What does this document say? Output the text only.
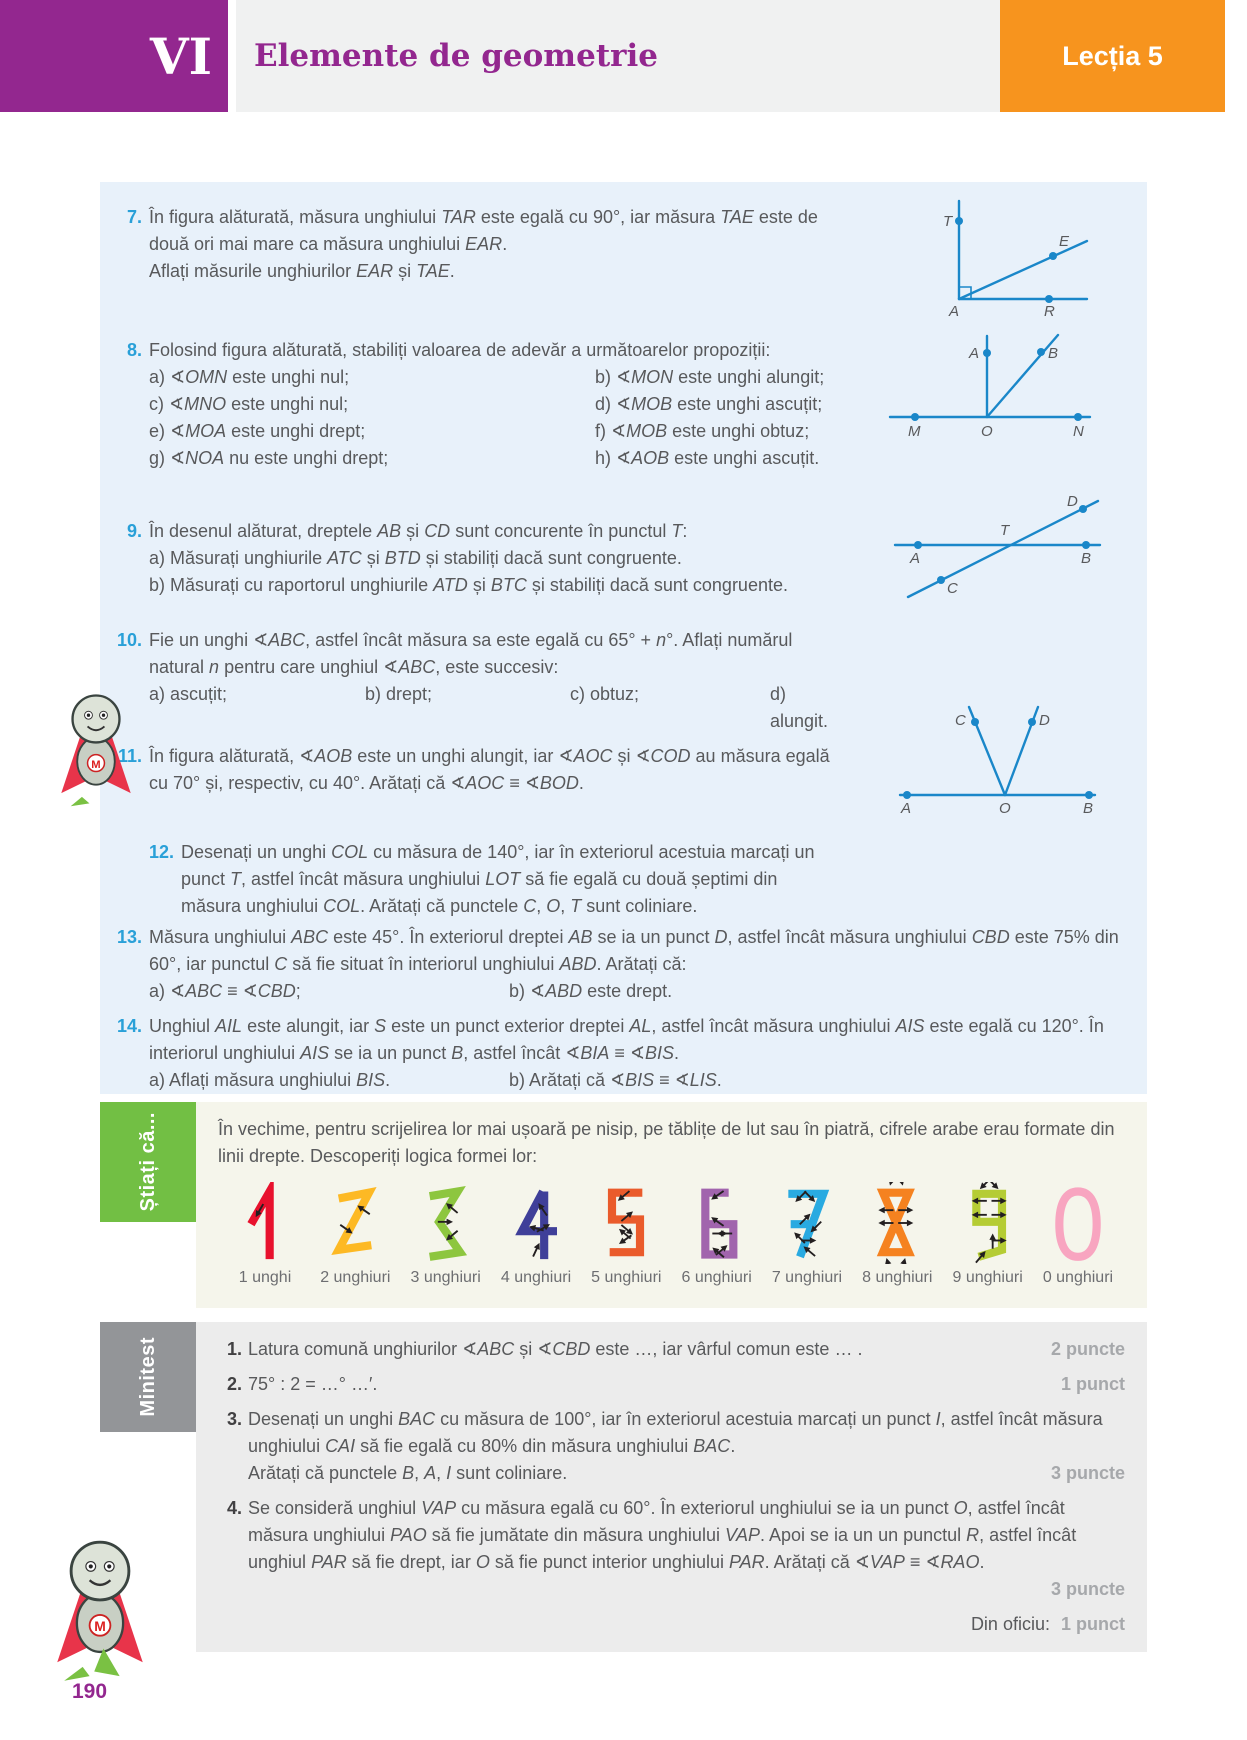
VI Elemente de geometrie	Lecția 5
7. În figura alăturată, măsura unghiului TAR este egală cu 90°, iar măsura TAE este de două ori mai mare ca măsura unghiului EAR.

Aflați măsurile unghiurilor EAR și TAE.

8. Folosind figura alăturată, stabiliți valoarea de adevăr a următoarelor propoziții:

a) ∢OMN este unghi nul;	b) ∢MON este unghi alungit;
c) ∢MNO este unghi nul;	d) ∢MOB este unghi ascuțit;
e) ∢MOA este unghi drept;	f) ∢MOB este unghi obtuz;
g) ∢NOA nu este unghi drept;	h) ∢AOB este unghi ascuțit.
9. În desenul alăturat, dreptele AB și CD sunt concurente în punctul T:

a) Măsurați unghiurile ATC și BTD și stabiliți dacă sunt congruente.

b) Măsurați cu raportorul unghiurile ATD și BTC și stabiliți dacă sunt congruente.

10. Fie un unghi ∢ABC, astfel încât măsura sa este egală cu 65° + n°. Aflați numărul natural n pentru care unghiul ∢ABC, este succesiv:

a) ascuțit;	b) drept;	c) obtuz;	d) alungit.
11. În figura alăturată, ∢AOB este un unghi alungit, iar ∢AOC și ∢COD au măsura egală cu 70° și, respectiv, cu 40°. Arătați că ∢AOC ≡ ∢BOD.

12. Desenați un unghi COL cu măsura de 140°, iar în exteriorul acestuia marcați un punct T, astfel încât măsura unghiului LOT să fie egală cu două șeptimi din măsura unghiului COL. Arătați că punctele C, O, T sunt coliniare.

13. Măsura unghiului ABC este 45°. În exteriorul dreptei AB se ia un punct D, astfel încât măsura unghiului CBD este 75% din 60°, iar punctul C să fie situat în interiorul unghiului ABD. Arătați că:

a) ∢ABC ≡ ∢CBD;	b) ∢ABD este drept.
14. Unghiul AIL este alungit, iar S este un punct exterior dreptei AL, astfel încât măsura unghiului AIS este egală cu 120°. În interiorul unghiului AIS se ia un punct B, astfel încât ∢BIA ≡ ∢BIS.

a) Aflați măsura unghiului BIS.	b) Arătați că ∢BIS ≡ ∢LIS.
T
E
A	R
A	B
M	O	N
A	B
C
D
T
C	D
A	O	B
Știați că...	În vechime, pentru scrijelirea lor mai ușoară pe nisip, pe tăblițe de lut sau în piatră, cifrele arabe erau formate din linii drepte. Descoperiți logica formei lor:

1 unghi 2 unghiuri 3 unghiuri 4 unghiuri 5 unghiuri 6 unghiuri 7 unghiuri 8 unghiuri 9 unghiuri 0 unghiuri
Minitest	1. Latura comună unghiurilor ∢ABC și ∢CBD este …, iar vârful comun este … .	2 puncte
2. 75° : 2 = …° …′.	1 punct
3. Desenați un unghi BAC cu măsura de 100°, iar în exteriorul acestuia marcați un punct I, astfel încât măsura unghiului CAI să fie egală cu 80% din măsura unghiului BAC.
Arătați că punctele B, A, I sunt coliniare.	3 puncte
4. Se consideră unghiul VAP cu măsura egală cu 60°. În exteriorul unghiului se ia un punct O, astfel încât măsura unghiului PAO să fie jumătate din măsura unghiului VAP. Apoi se ia un un punctul R, astfel încât unghiul PAR să fie drept, iar O să fie punct interior unghiului PAR. Arătați că ∢VAP ≡ ∢RAO.
3 puncte
Din oficiu: 1 punct
M
M
190
